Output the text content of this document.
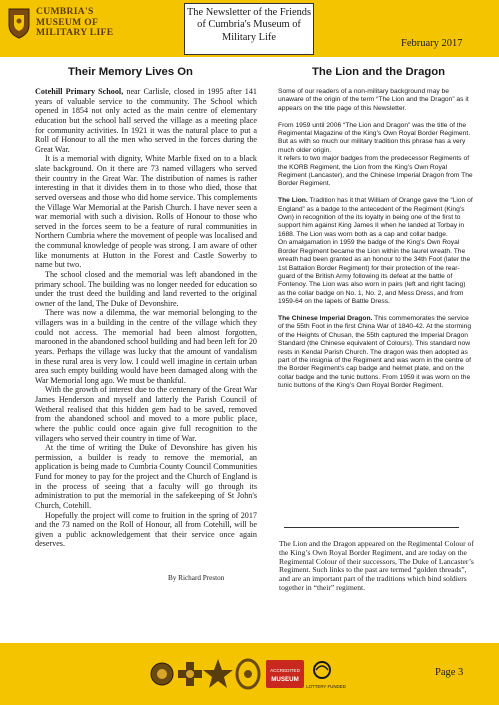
CUMBRIA'S
MUSEUM OF
MILITARY LIFE
The Newsletter of the Friends
of Cumbria's Museum of
Military Life
February 2017
Their Memory Lives On

Cotehill Primary School, near Carlisle, closed in 1995 after 141 years of valuable service to the community. The School which opened in 1854 not only acted as the main centre of elementary education but the school hall served the village as a meeting place for community activities. In 1921 it was the natural place to put a Roll of Honour to all the men who served in the forces during the Great War.

It is a memorial with dignity, White Marble fixed on to a black slate background. On it there are 73 named villagers who served their country in the Great War. The distribution of names is rather interesting in that it divides them in to those who died, those that served overseas and those who did home service. This complements the Village War Memorial at the Parish Church. I have never seen a war memorial with such a division. Rolls of Honour to those who served in the forces seem to be a feature of rural communities in Northern Cumbria where the movement of people was localised and the communal knowledge of people was strong. I am aware of other like monuments at Hutton in the Forest and Castle Sowerby to name but two.

The school closed and the memorial was left abandoned in the primary school. The building was no longer needed for education so under the trust deed the building and land reverted to the original owner of the land, The Duke of Devonshire.

There was now a dilemma, the war memorial belonging to the villagers was in a building in the centre of the village which they could not access. The memorial had been almost forgotten, marooned in the abandoned school building and had been left for 20 years. Perhaps the village was lucky that the amount of vandalism in these rural area is very low. I could well imagine in certain urban area such empty building would have been damaged along with the War Memorial long ago. We must be thankful.

With the growth of interest due to the centenary of the Great War James Henderson and myself and latterly the Parish Council of Wetheral realised that this hidden gem had to be saved, removed from the abandoned school and moved to a more public place, where the public could once again give full recognition to the villagers who served their country in time of War.

At the time of writing the Duke of Devonshire has given his permission, a builder is ready to remove the memorial, an application is being made to Cumbria County Council Communities Fund for money to pay for the project and the Church of England is in the process of seeing that a faculty will go through its administration to put the memorial in the safekeeping of St John's Church, Cotehill.

Hopefully the project will come to fruition in the spring of 2017 and the 73 named on the Roll of Honour, all from Cotehill, will be given a public acknowledgement that their service once again deserves.

By Richard Preston
The Lion and the Dragon

Some of our readers of a non-military background may be unaware of the origin of the term “The Lion and the Dragon” as it appears on the title page of this Newsletter.

From 1959 until 2006 “The Lion and Dragon” was the title of the Regimental Magazine of the King’s Own Royal Border Regiment.
But as with so much our military tradition this phrase has a very much older origin.
It refers to two major badges from the predecessor Regiments of the KORB Regiment, the Lion from the King’s Own Royal Regiment (Lancaster), and the Chinese Imperial Dragon from The Border Regiment.

The Lion. Tradition has it that William of Orange gave the “Lion of England” as a badge to the antecedent of the Regiment (King’s Own) in recognition of the its loyalty in being one of the first to support him against King James II when he landed at Torbay in 1688. The Lion was worn both as a cap and collar badge.
On amalgamation in 1959 the badge of the King’s Own Royal Border Regiment became the Lion within the laurel wreath. The wreath had been granted as an honour to the 34th Foot (later the 1st Battalion Border Regiment) for their protection of the rear-guard of the British Army following its defeat at the battle of Fontenoy. The Lion was also worn in pairs (left and right facing) as the collar badge on No. 1, No. 2, and Mess Dress, and from 1959-64 on the lapels of Battle Dress.

The Chinese Imperial Dragon. This commemorates the service of the 55th Foot in the first China War of 1840-42. At the storming of the Heights of Chusan, the 55th captured the Imperial Dragon Standard (the Chinese equivalent of Colours). This standard now rests in Kendal Parish Church. The dragon was then adopted as part of the insignia of the Regiment and was worn in the centre of the Border Regiment’s cap badge and helmet plate, and on the collar badge and the tunic buttons. From 1959 it was worn on the tunic buttons of the King’s Own Royal Border Regiment.

The Lion and the Dragon appeared on the Regimental Colour of the King’s Own Royal Border Regiment, and are today on the Regimental Colour of their successors, The Duke of Lancaster’s Regiment. Such links to the past are termed “golden threads”, and are an important part of the traditions which bind soldiers together in “their” regiment.

ACCREDITED
MUSEUM
LOTTERY FUNDED
Page 3
